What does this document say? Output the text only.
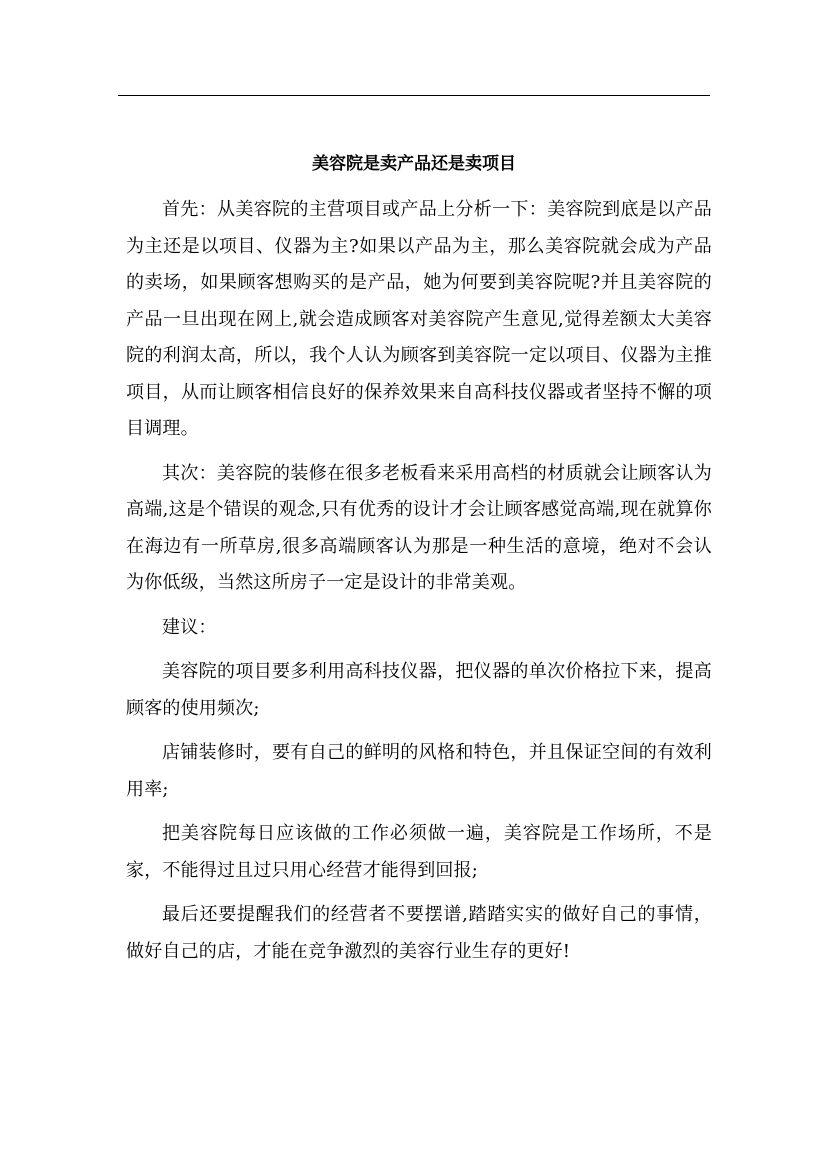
美容院是卖产品还是卖项目

首先：从美容院的主营项目或产品上分析一下：美容院到底是以产品为主还是以项目、仪器为主?如果以产品为主，那么美容院就会成为产品的卖场，如果顾客想购买的是产品，她为何要到美容院呢?并且美容院的产品一旦出现在网上,就会造成顾客对美容院产生意见,觉得差额太大美容院的利润太高，所以，我个人认为顾客到美容院一定以项目、仪器为主推项目，从而让顾客相信良好的保养效果来自高科技仪器或者坚持不懈的项目调理。

其次：美容院的装修在很多老板看来采用高档的材质就会让顾客认为高端,这是个错误的观念,只有优秀的设计才会让顾客感觉高端,现在就算你在海边有一所草房,很多高端顾客认为那是一种生活的意境，绝对不会认为你低级，当然这所房子一定是设计的非常美观。

建议：

美容院的项目要多利用高科技仪器，把仪器的单次价格拉下来，提高顾客的使用频次;

店铺装修时，要有自己的鲜明的风格和特色，并且保证空间的有效利用率;

把美容院每日应该做的工作必须做一遍，美容院是工作场所，不是家，不能得过且过只用心经营才能得到回报;

最后还要提醒我们的经营者不要摆谱,踏踏实实的做好自己的事情，做好自己的店，才能在竞争激烈的美容行业生存的更好!
